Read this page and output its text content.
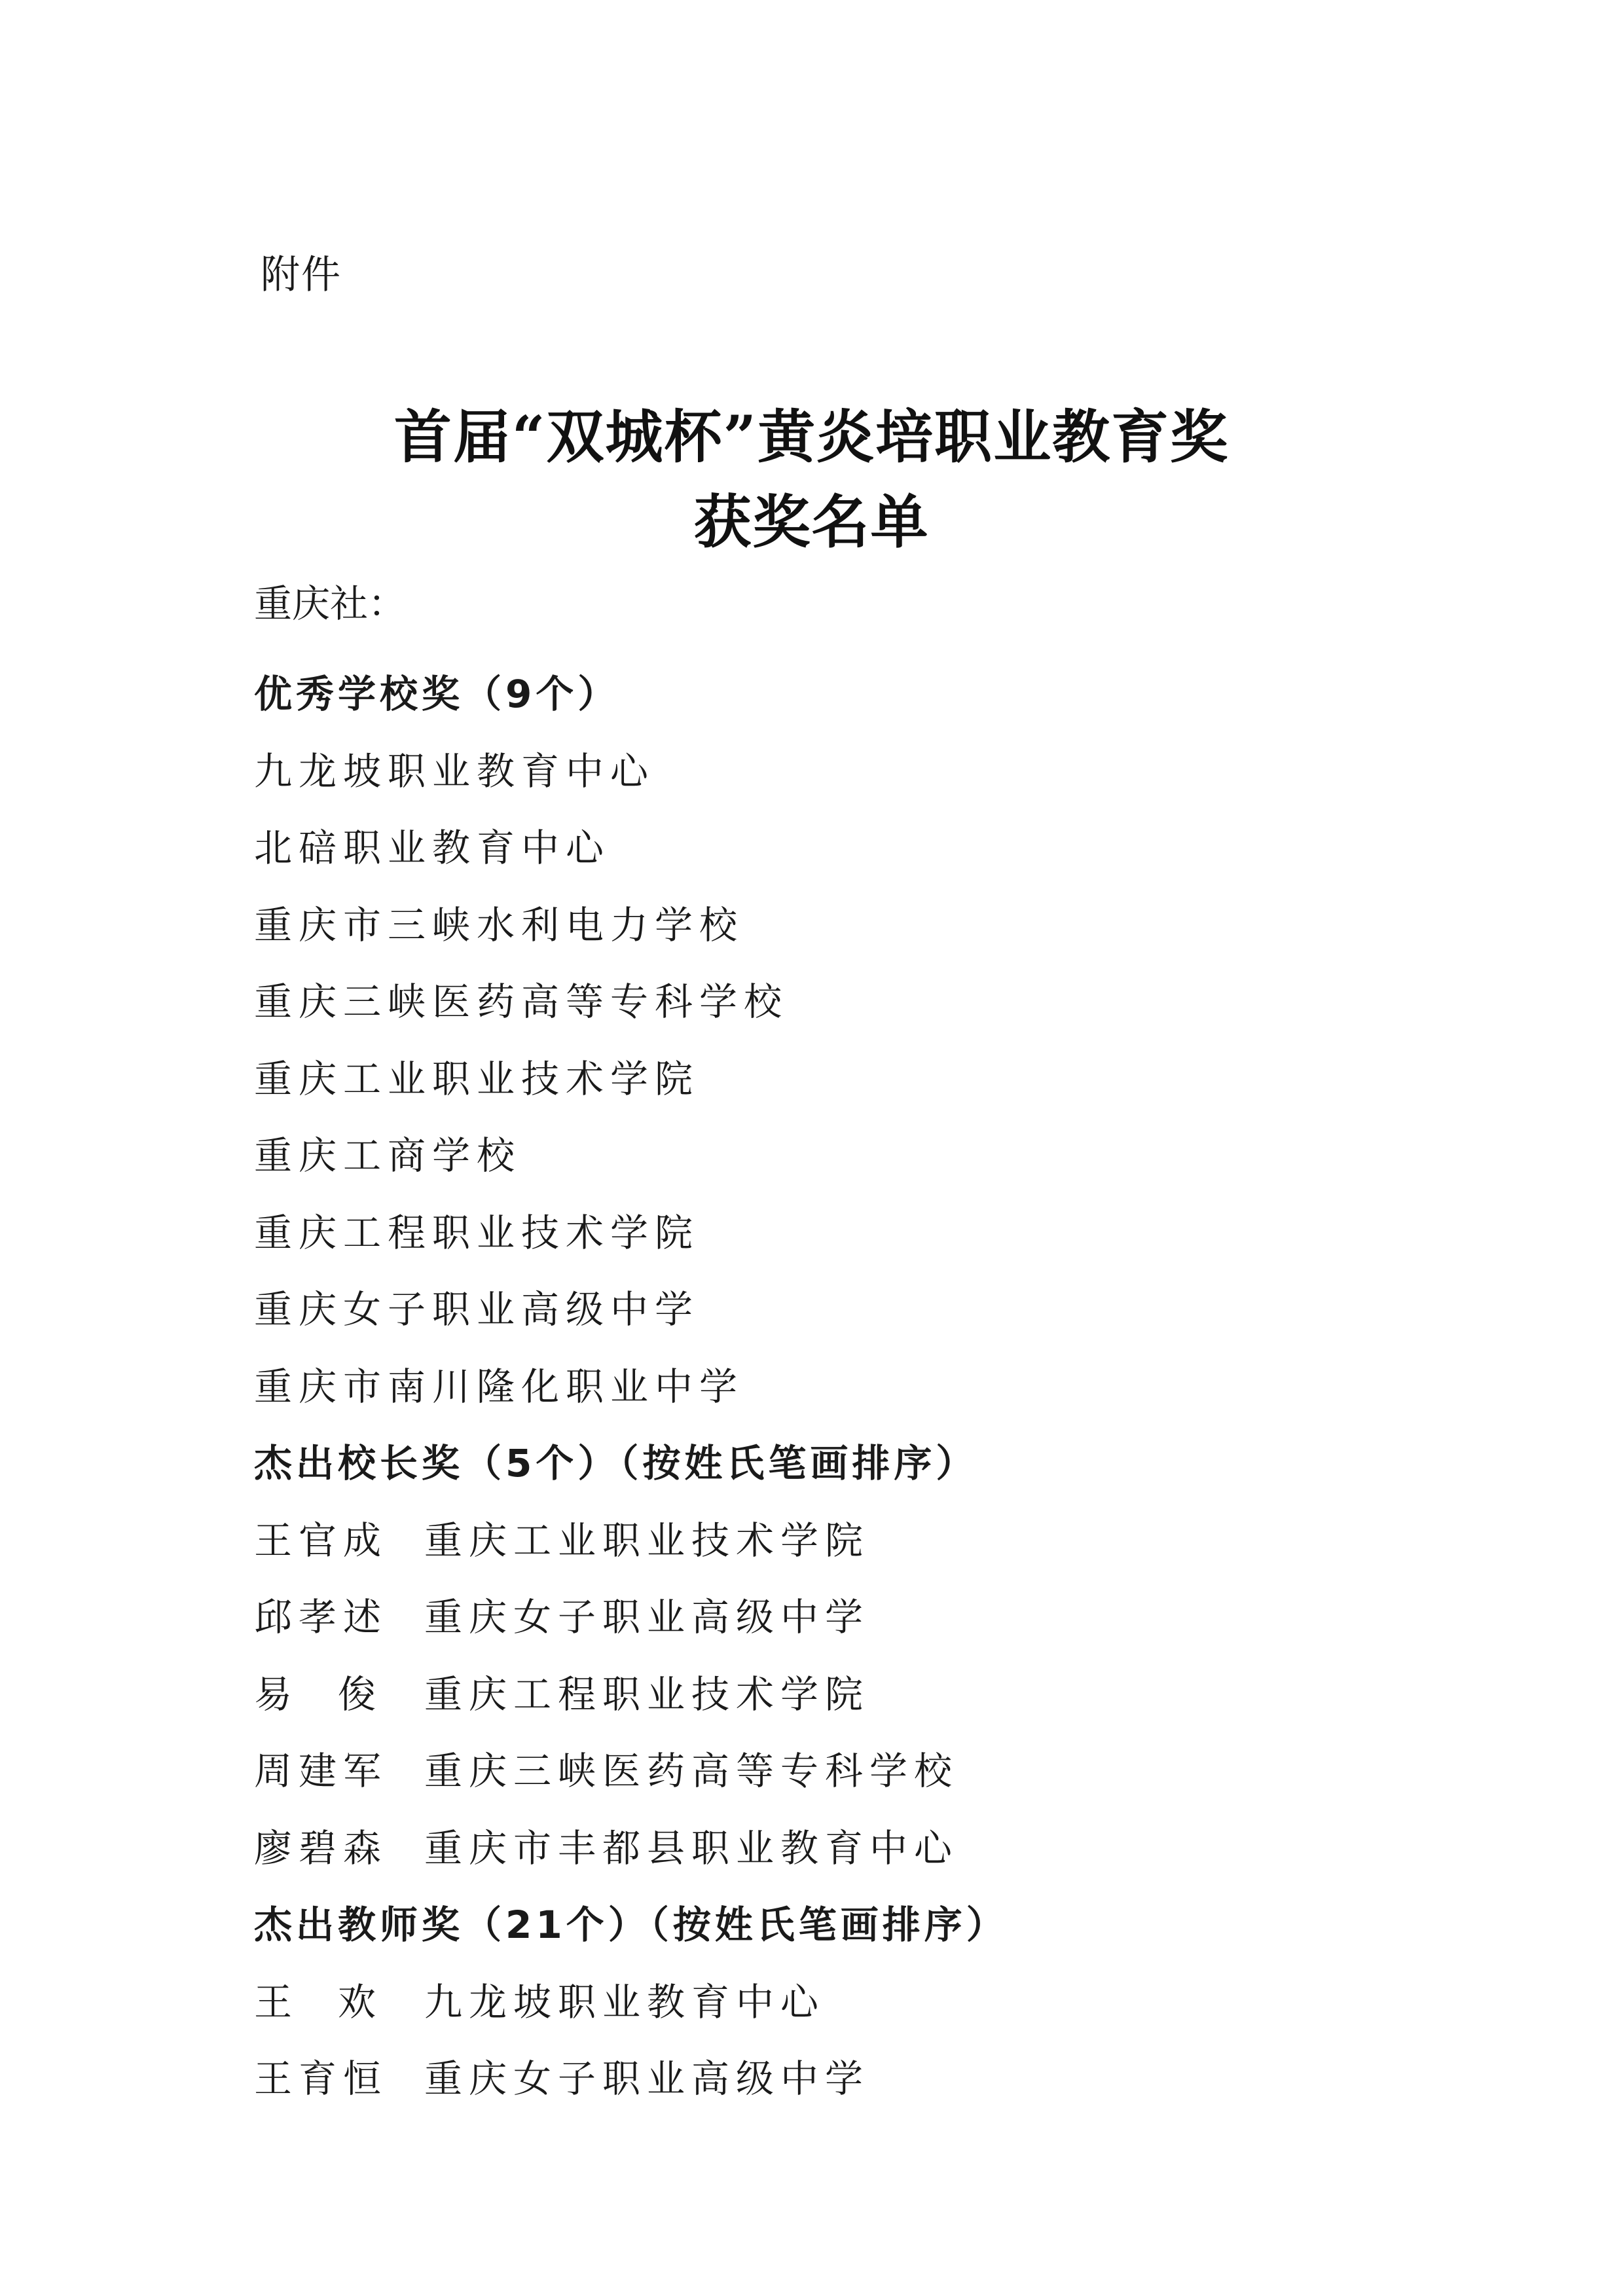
附件
首届“双城杯”黄炎培职业教育奖
获奖名单
重庆社：
优秀学校奖（9个）
九龙坡职业教育中心
北碚职业教育中心
重庆市三峡水利电力学校
重庆三峡医药高等专科学校
重庆工业职业技术学院
重庆工商学校
重庆工程职业技术学院
重庆女子职业高级中学
重庆市南川隆化职业中学
杰出校长奖（5个）（按姓氏笔画排序）
王官成 重庆工业职业技术学院
邱孝述 重庆女子职业高级中学
易俊重庆工程职业技术学院
周建军 重庆三峡医药高等专科学校
廖碧森 重庆市丰都县职业教育中心
杰出教师奖（21个）（按姓氏笔画排序）
王欢九龙坡职业教育中心
王育恒 重庆女子职业高级中学
